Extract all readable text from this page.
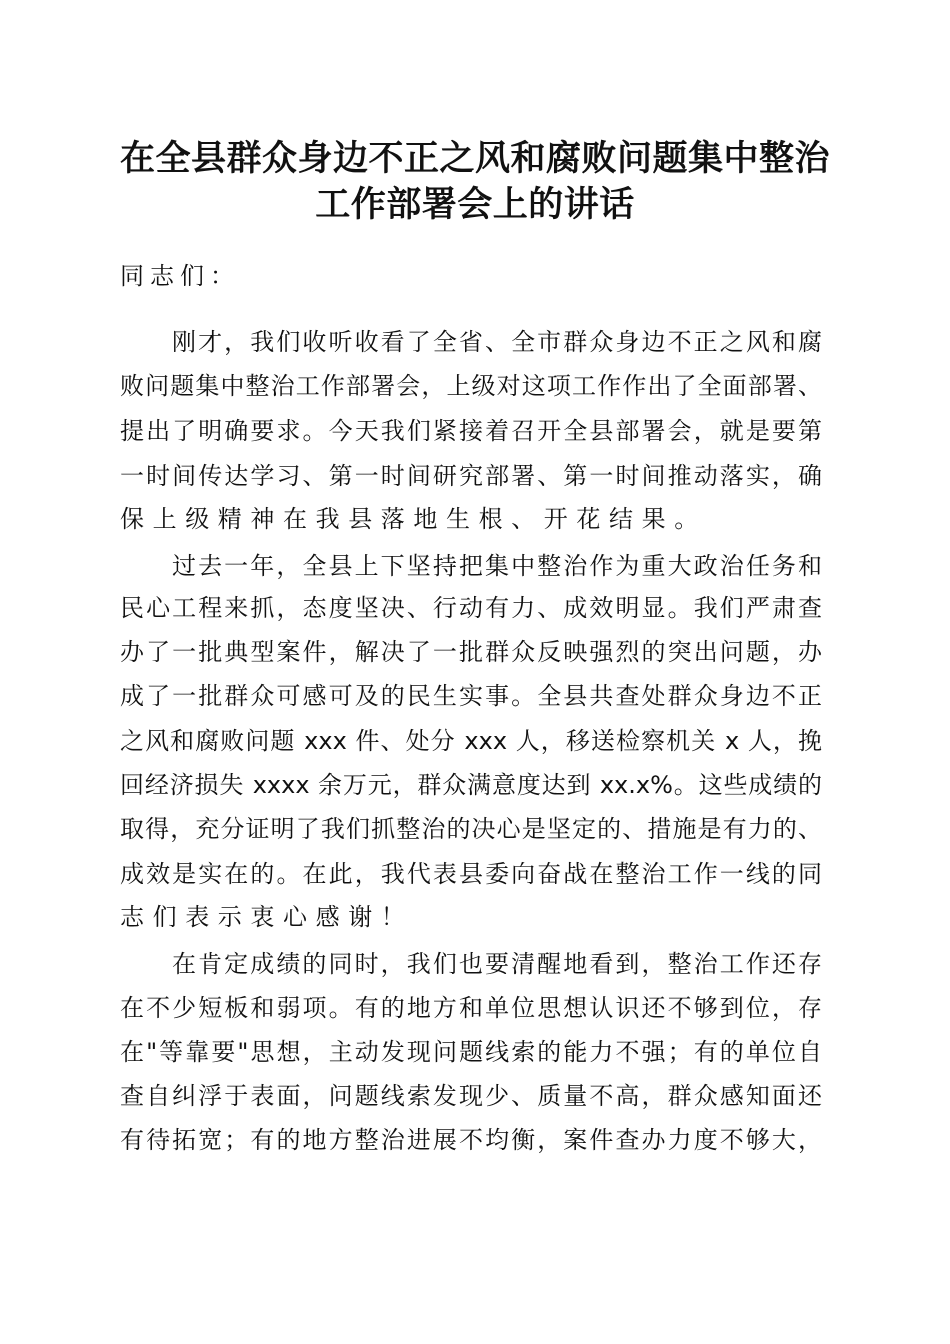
在全县群众身边不正之风和腐败问题集中整治
工作部署会上的讲话
同志们：
刚才，我们收听收看了全省、全市群众身边不正之风和腐
败问题集中整治工作部署会，上级对这项工作作出了全面部署、
提出了明确要求。今天我们紧接着召开全县部署会，就是要第
一时间传达学习、第一时间研究部署、第一时间推动落实，确
保上级精神在我县落地生根、开花结果。
过去一年，全县上下坚持把集中整治作为重大政治任务和
民心工程来抓，态度坚决、行动有力、成效明显。我们严肃查
办了一批典型案件，解决了一批群众反映强烈的突出问题，办
成了一批群众可感可及的民生实事。全县共查处群众身边不正
之风和腐败问题 xxx 件、处分 xxx 人，移送检察机关 x 人，挽
回经济损失 xxxx 余万元，群众满意度达到 xx.x%。这些成绩的
取得，充分证明了我们抓整治的决心是坚定的、措施是有力的、
成效是实在的。在此，我代表县委向奋战在整治工作一线的同
志们表示衷心感谢！
在肯定成绩的同时，我们也要清醒地看到，整治工作还存
在不少短板和弱项。有的地方和单位思想认识还不够到位，存
在"等靠要"思想，主动发现问题线索的能力不强；有的单位自
查自纠浮于表面，问题线索发现少、质量不高，群众感知面还
有待拓宽；有的地方整治进展不均衡，案件查办力度不够大，
